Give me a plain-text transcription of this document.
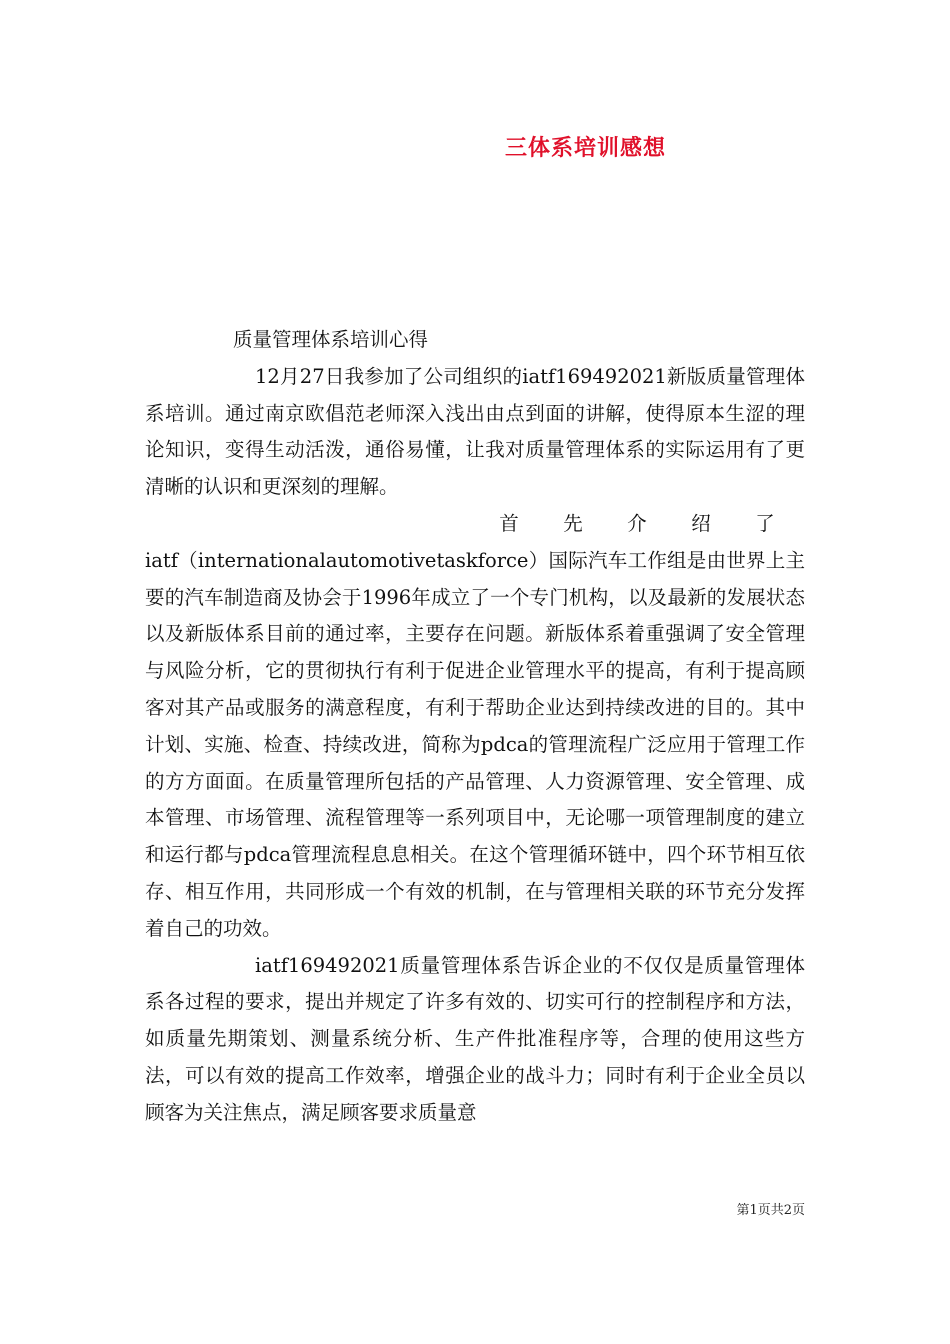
三体系培训感想

质量管理体系培训心得

12月27日我参加了公司组织的iatf169492021新版质量管理体系培训。通过南京欧倡范老师深入浅出由点到面的讲解，使得原本生涩的理论知识，变得生动活泼，通俗易懂，让我对质量管理体系的实际运用有了更清晰的认识和更深刻的理解。

首 先 介 绍 了

iatf（internationalautomotivetaskforce）国际汽车工作组是由世界上主要的汽车制造商及协会于1996年成立了一个专门机构，以及最新的发展状态以及新版体系目前的通过率，主要存在问题。新版体系着重强调了安全管理与风险分析，它的贯彻执行有利于促进企业管理水平的提高，有利于提高顾客对其产品或服务的满意程度，有利于帮助企业达到持续改进的目的。其中计划、实施、检查、持续改进，简称为pdca的管理流程广泛应用于管理工作的方方面面。在质量管理所包括的产品管理、人力资源管理、安全管理、成本管理、市场管理、流程管理等一系列项目中，无论哪一项管理制度的建立和运行都与pdca管理流程息息相关。在这个管理循环链中，四个环节相互依存、相互作用，共同形成一个有效的机制，在与管理相关联的环节充分发挥着自己的功效。

iatf169492021质量管理体系告诉企业的不仅仅是质量管理体系各过程的要求，提出并规定了许多有效的、切实可行的控制程序和方法，如质量先期策划、测量系统分析、生产件批准程序等，合理的使用这些方法，可以有效的提高工作效率，增强企业的战斗力；同时有利于企业全员以顾客为关注焦点，满足顾客要求质量意

第1页共2页
